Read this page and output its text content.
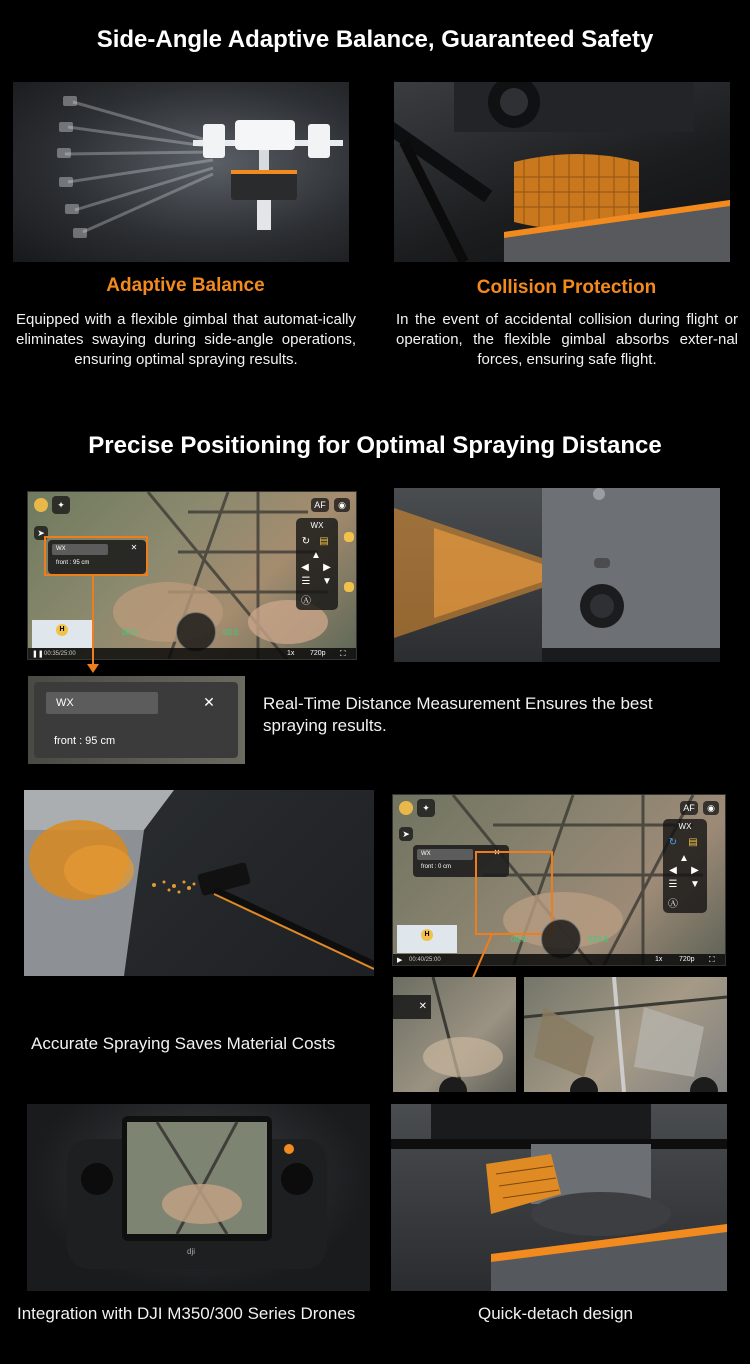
Side-Angle Adaptive Balance, Guaranteed Safety
Adaptive Balance	Collision Protection
Equipped with a flexible gimbal that automat-ically eliminates swaying during side-angle operations, ensuring optimal spraying results.
In the event of accidental collision during flight or operation, the flexible gimbal absorbs exter-nal forces, ensuring safe flight.
Precise Positioning for Optimal Spraying Distance
✦	AF	◉
➤
WX
↻ ▤
▲
◀	▶
☰ ▼
Ⓐ
WX	✕
front : 95 cm
H	00.0	00.0
❚❚ 00:35/25:00	1x 720p ⛶
WX	✕
front : 95 cm
Real-Time Distance Measurement Ensures the best spraying results.
✦	AF	◉
➤
WX
↻ ▤
▲
◀	▶
☰ ▼
Ⓐ
WX	✕
front : 0 cm
H
00.0	023.6
▶ 00:40/25:00	1x 720p ⛶
✕
Accurate Spraying Saves Material Costs
dji
Integration with DJI M350/300 Series Drones	Quick-detach design
